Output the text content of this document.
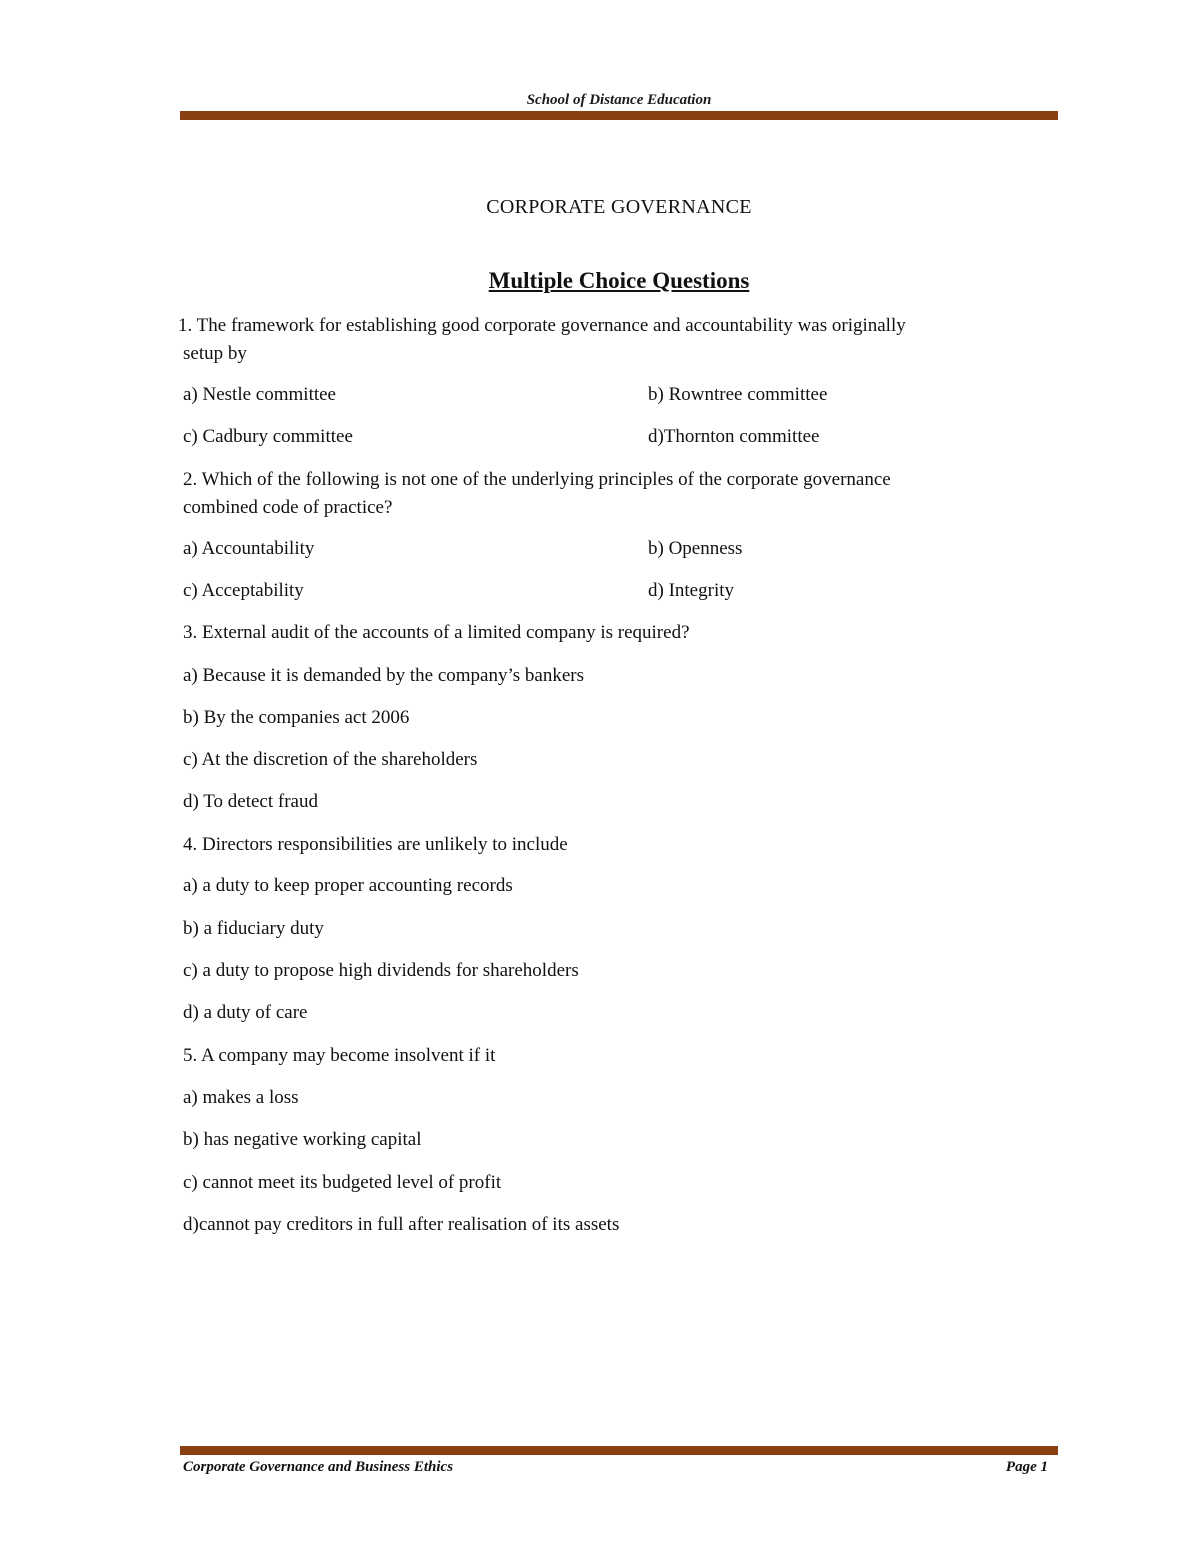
School of Distance Education
CORPORATE GOVERNANCE
Multiple Choice Questions
1. The framework for establishing good corporate governance and accountability was originally
setup by
a) Nestle committee	b) Rowntree committee
c) Cadbury committee	d)Thornton committee
2. Which of the following is not one of the underlying principles of the corporate governance
combined code of practice?
a) Accountability	b) Openness
c) Acceptability	d) Integrity
3. External audit of the accounts of a limited company is required?
a) Because it is demanded by the company’s bankers
b) By the companies act 2006
c) At the discretion of the shareholders
d) To detect fraud
4. Directors responsibilities are unlikely to include
a) a duty to keep proper accounting records
b) a fiduciary duty
c) a duty to propose high dividends for shareholders
d) a duty of care
5. A company may become insolvent if it
a) makes a loss
b) has negative working capital
c) cannot meet its budgeted level of profit
d)cannot pay creditors in full after realisation of its assets
Corporate Governance and Business Ethics	Page 1
